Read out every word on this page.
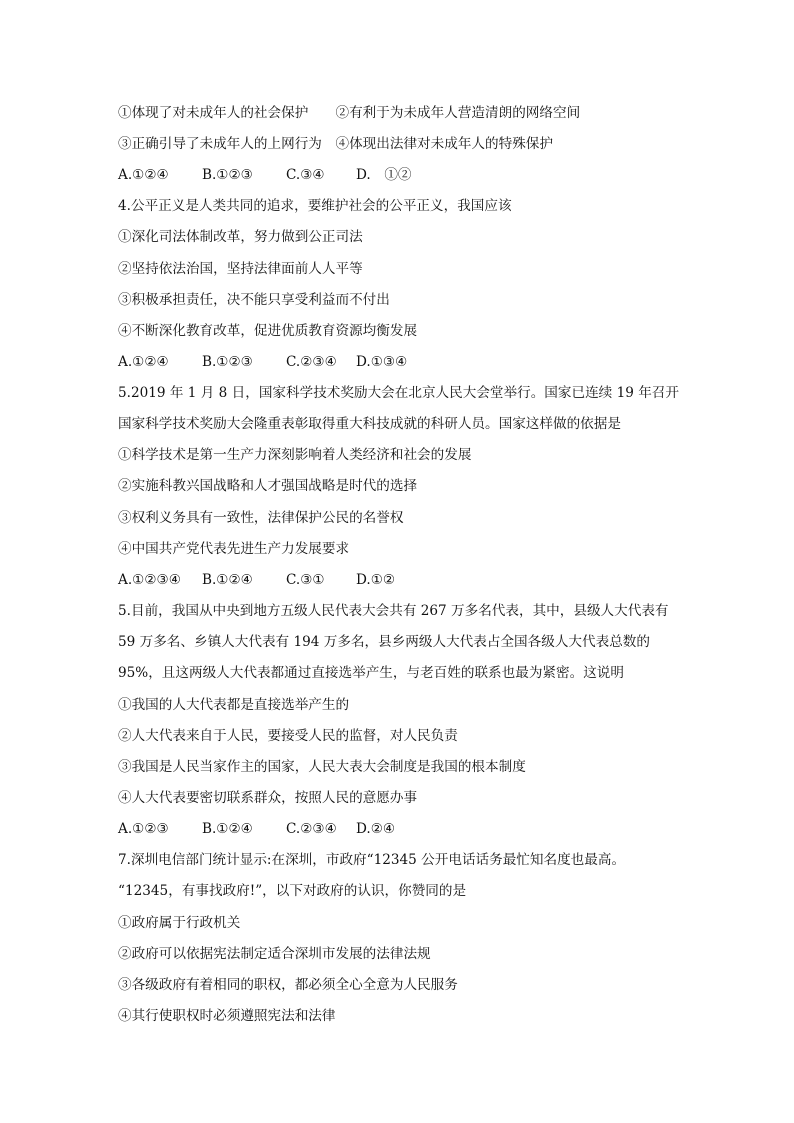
①体现了对未成年人的社会保护　　②有利于为未成年人营造清朗的网络空间
③正确引导了未成年人的上网行为　④体现出法律对未成年人的特殊保护
A.①②④ B.①②③ C.③④ D.　①②
4.公平正义是人类共同的追求，要维护社会的公平正义，我国应该
①深化司法体制改革，努力做到公正司法
②坚持依法治国，坚持法律面前人人平等
③积极承担责任，决不能只享受利益而不付出
④不断深化教育改革，促进优质教育资源均衡发展
A.①②④ B.①②③ C.②③④ D.①③④
5.2019 年 1 月 8 日，国家科学技术奖励大会在北京人民大会堂举行。国家已连续 19 年召开
国家科学技术奖励大会隆重表彰取得重大科技成就的科研人员。国家这样做的依据是
①科学技术是第一生产力深刻影响着人类经济和社会的发展
②实施科教兴国战略和人才强国战略是时代的选择
③权利义务具有一致性，法律保护公民的名誉权
④中国共产党代表先进生产力发展要求
A.①②③④ B.①②④ C.③① D.①②
5.目前，我国从中央到地方五级人民代表大会共有 267 万多名代表，其中，县级人大代表有
59 万多名、乡镇人大代表有 194 万多名，县乡两级人大代表占全国各级人大代表总数的
95%，且这两级人大代表都通过直接选举产生，与老百姓的联系也最为紧密。这说明
①我国的人大代表都是直接选举产生的
②人大代表来自于人民，要接受人民的监督，对人民负责
③我国是人民当家作主的国家，人民大表大会制度是我国的根本制度
④人大代表要密切联系群众，按照人民的意愿办事
A.①②③ B.①②④ C.②③④ D.②④
7.深圳电信部门统计显示:在深圳，市政府“12345 公开电话话务最忙知名度也最高。
“12345，有事找政府!”，以下对政府的认识，你赞同的是
①政府属于行政机关
②政府可以依据宪法制定适合深圳市发展的法律法规
③各级政府有着相同的职权，都必须全心全意为人民服务
④其行使职权时必须遵照宪法和法律
